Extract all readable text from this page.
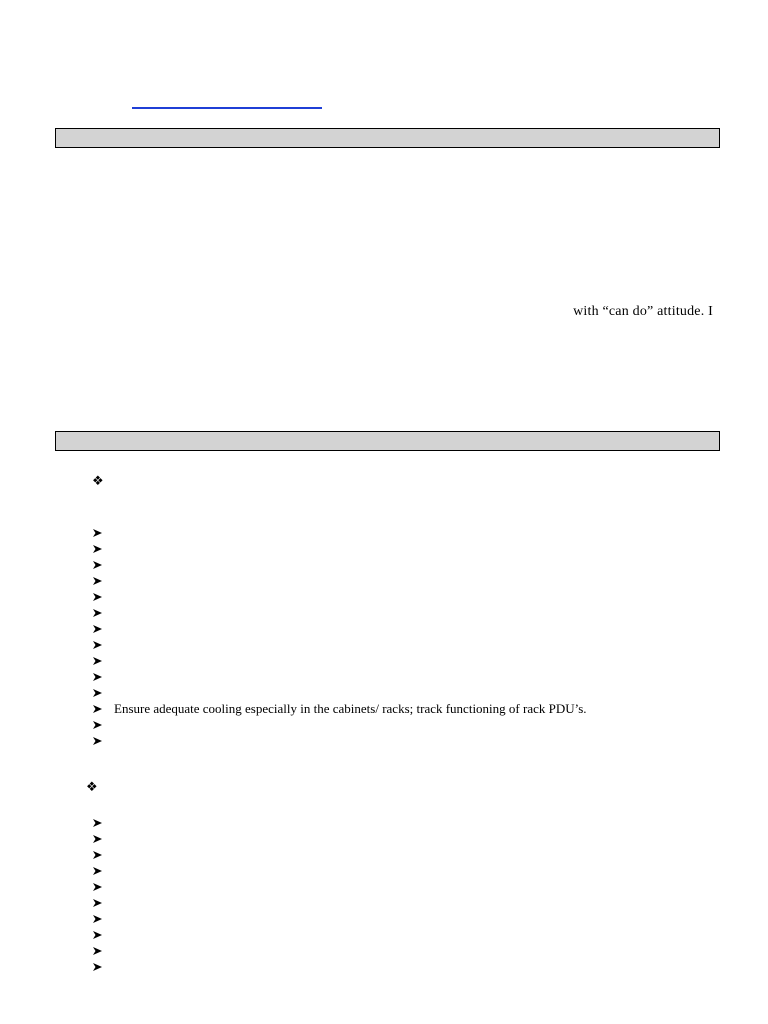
with “can do” attitude. I
❖
Ensure adequate cooling especially in the cabinets/ racks; track functioning of rack PDU’s.
❖
